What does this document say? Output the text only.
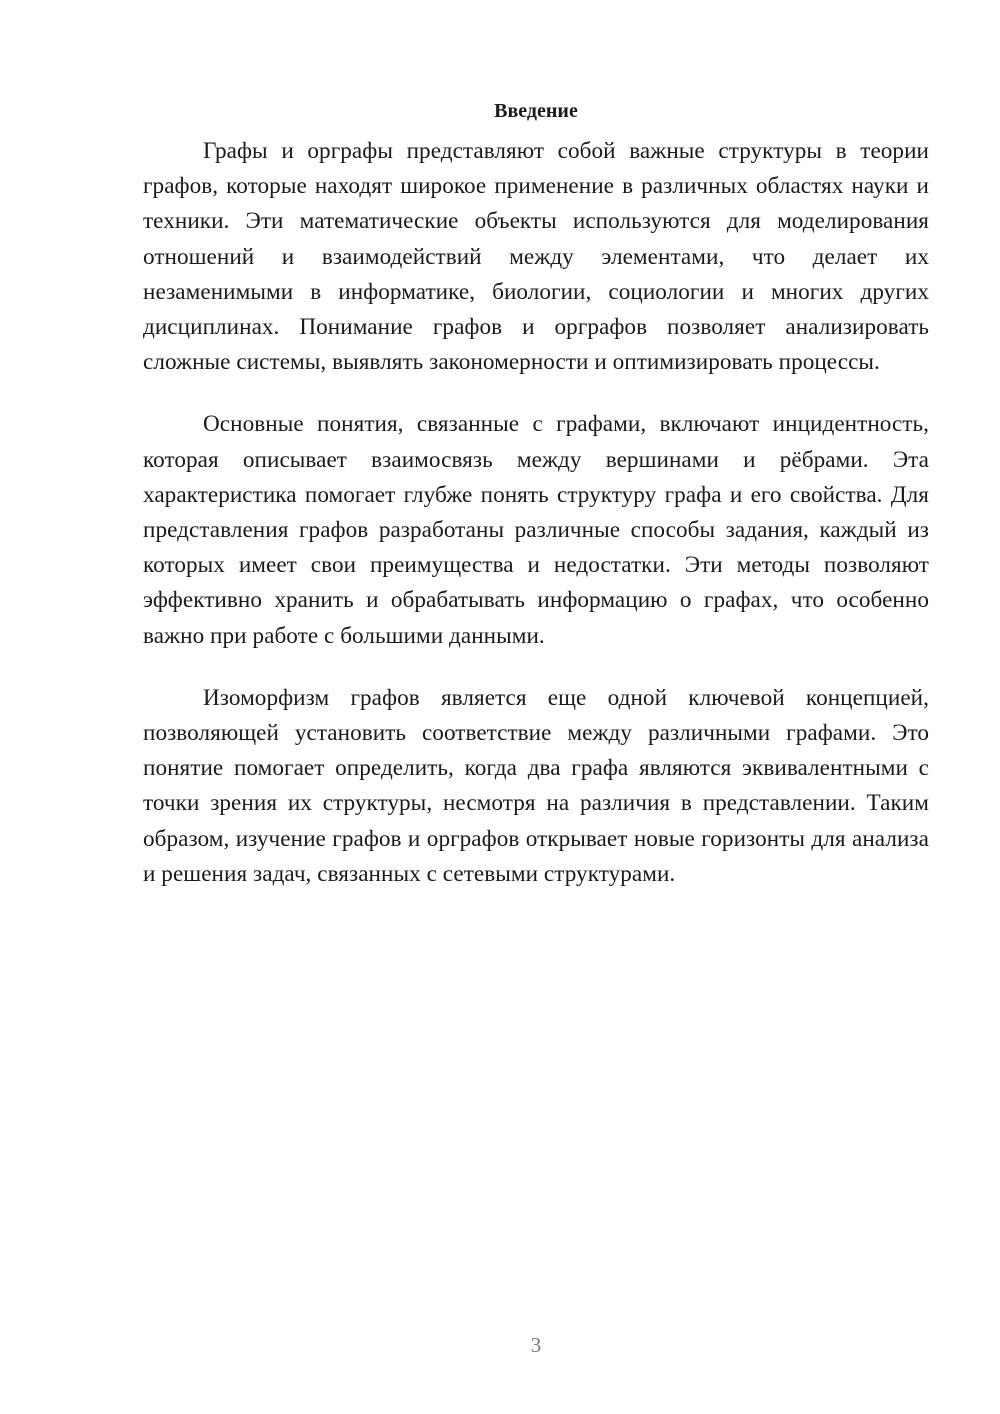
Введение

Графы и орграфы представляют собой важные структуры в теории графов, которые находят широкое применение в различных областях науки и техники. Эти математические объекты используются для моделирования отношений и взаимодействий между элементами, что делает их незаменимыми в информатике, биологии, социологии и многих других дисциплинах. Понимание графов и орграфов позволяет анализировать сложные системы, выявлять закономерности и оптимизировать процессы.

Основные понятия, связанные с графами, включают инцидентность, которая описывает взаимосвязь между вершинами и рёбрами. Эта характеристика помогает глубже понять структуру графа и его свойства. Для представления графов разработаны различные способы задания, каждый из которых имеет свои преимущества и недостатки. Эти методы позволяют эффективно хранить и обрабатывать информацию о графах, что особенно важно при работе с большими данными.

Изоморфизм графов является еще одной ключевой концепцией, позволяющей установить соответствие между различными графами. Это понятие помогает определить, когда два графа являются эквивалентными с точки зрения их структуры, несмотря на различия в представлении. Таким образом, изучение графов и орграфов открывает новые горизонты для анализа и решения задач, связанных с сетевыми структурами.

3
